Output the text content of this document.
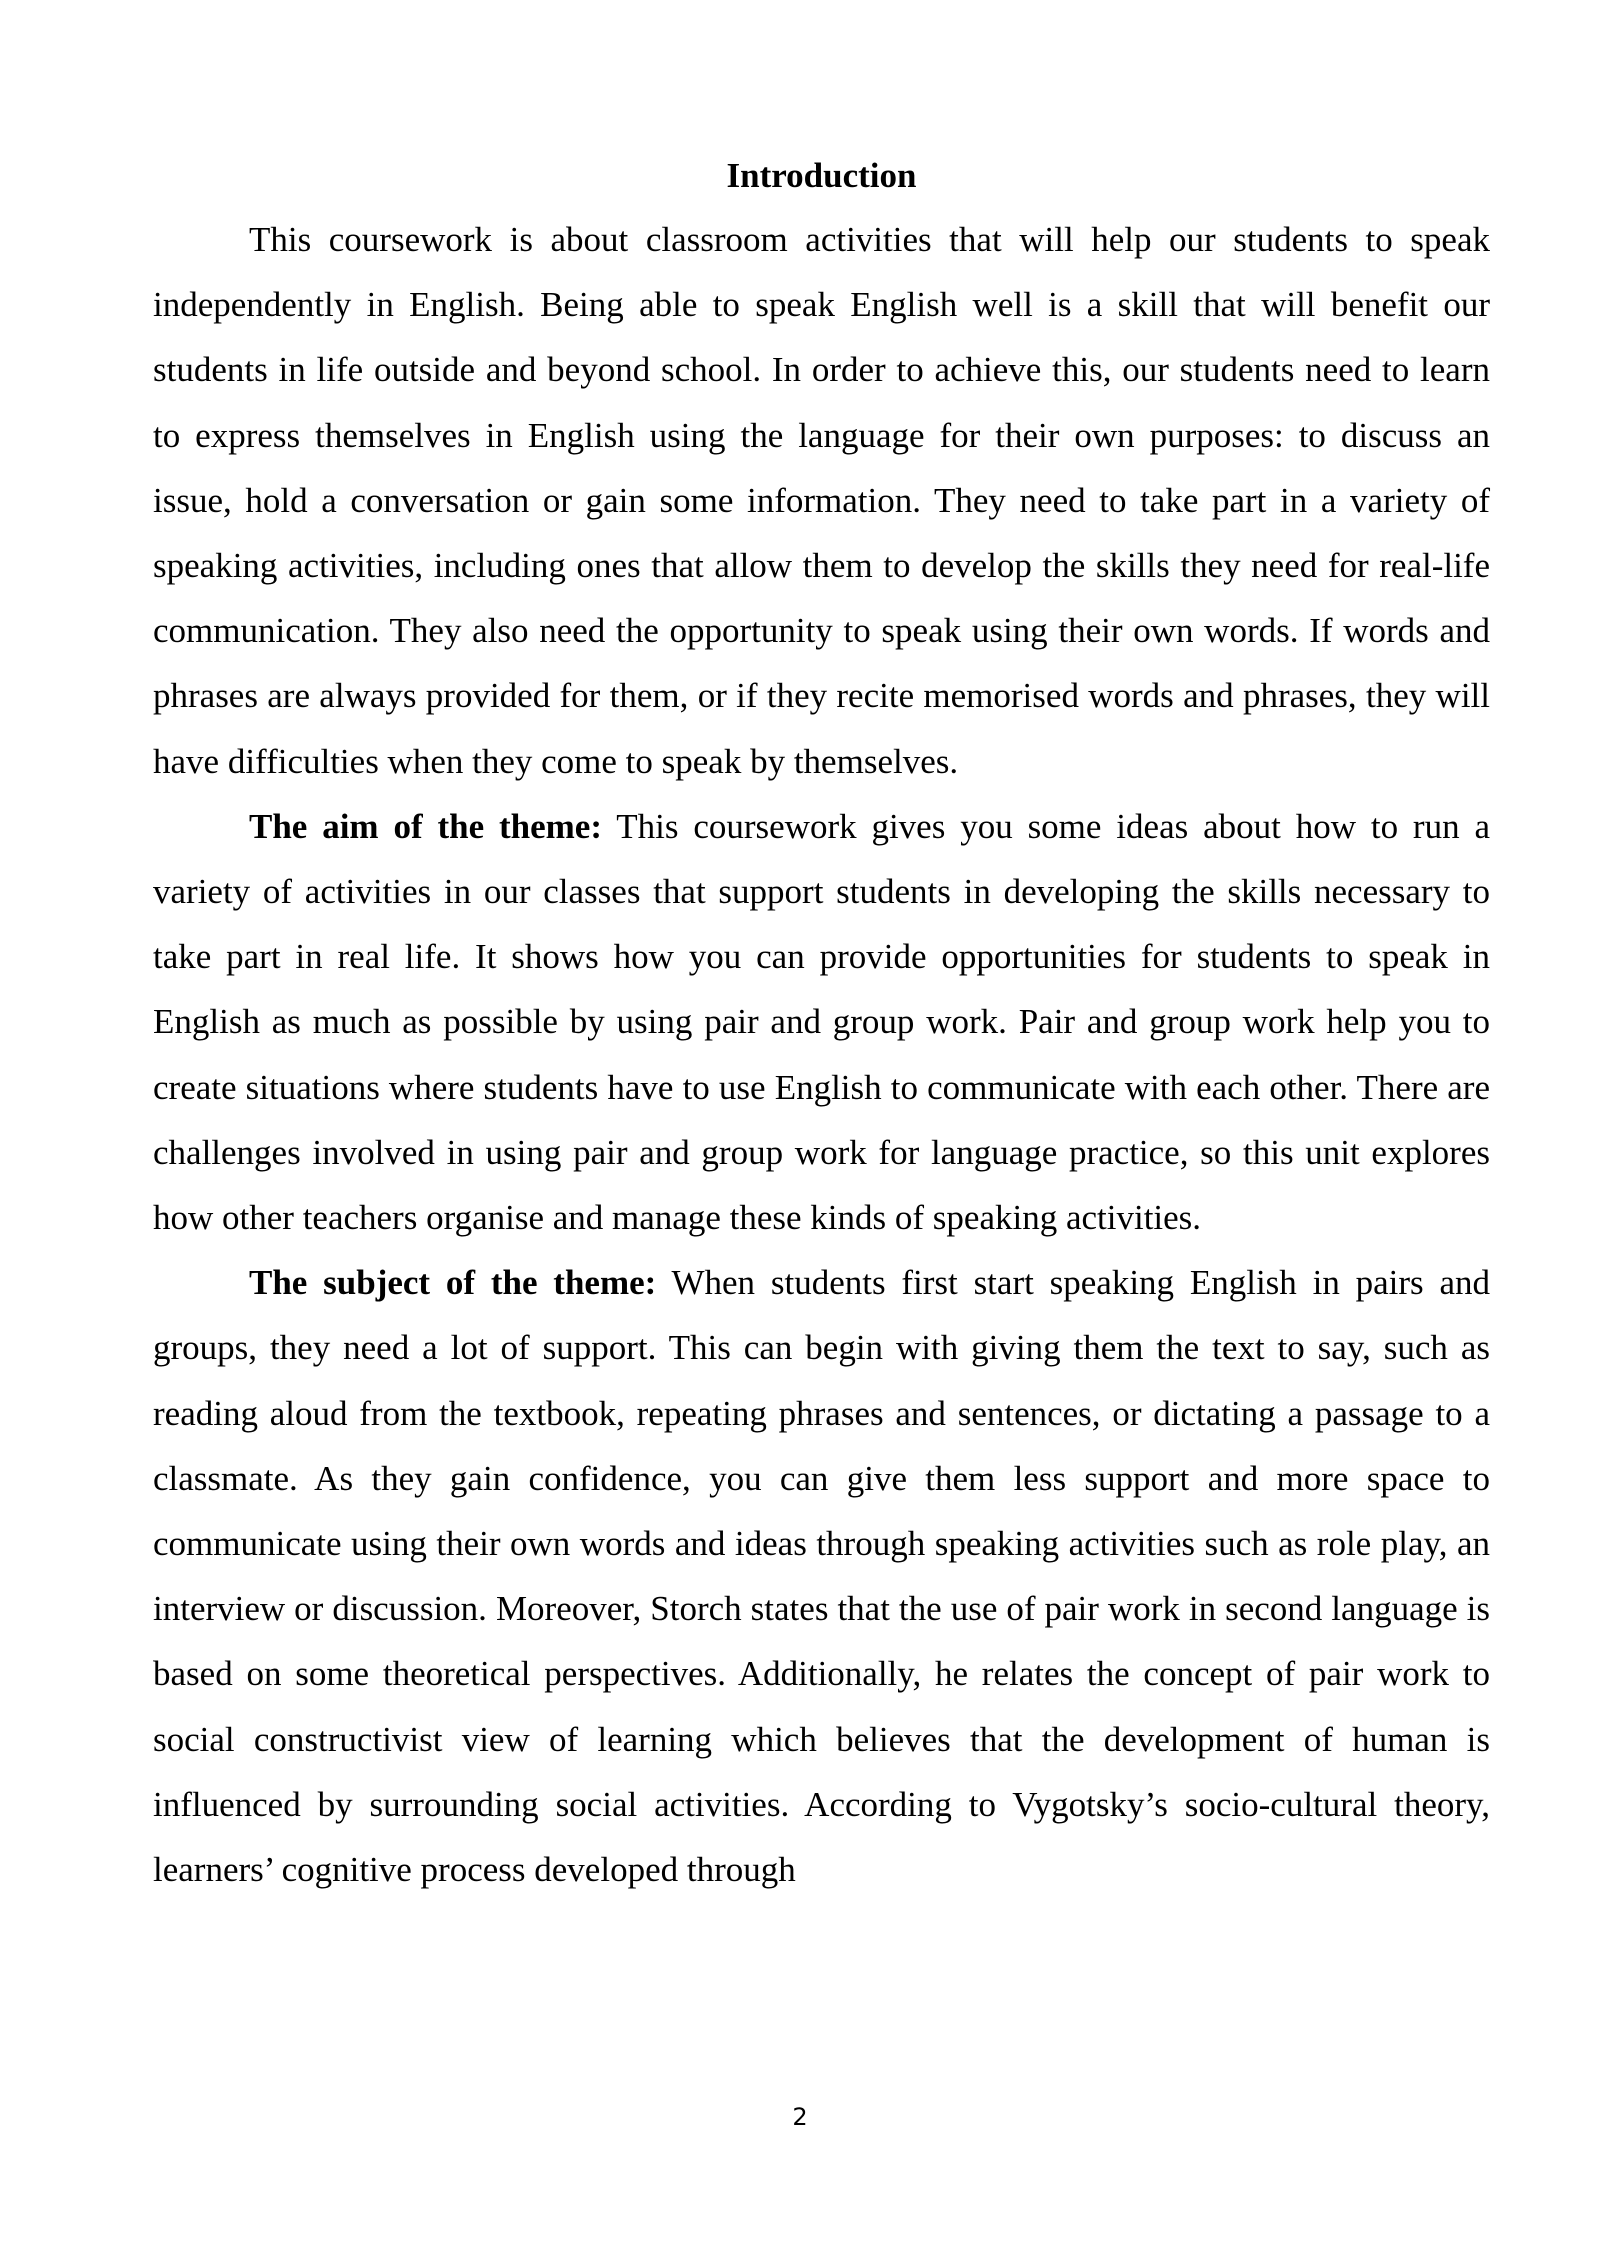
Introduction

This coursework is about classroom activities that will help our students to speak independently in English. Being able to speak English well is a skill that will benefit our students in life outside and beyond school. In order to achieve this, our students need to learn to express themselves in English using the language for their own purposes: to discuss an issue, hold a conversation or gain some information. They need to take part in a variety of speaking activities, including ones that allow them to develop the skills they need for real-life communication. They also need the opportunity to speak using their own words. If words and phrases are always provided for them, or if they recite memorised words and phrases, they will have difficulties when they come to speak by themselves.

The aim of the theme: This coursework gives you some ideas about how to run a variety of activities in our classes that support students in developing the skills necessary to take part in real life. It shows how you can provide opportunities for students to speak in English as much as possible by using pair and group work. Pair and group work help you to create situations where students have to use English to communicate with each other. There are challenges involved in using pair and group work for language practice, so this unit explores how other teachers organise and manage these kinds of speaking activities.

The subject of the theme: When students first start speaking English in pairs and groups, they need a lot of support. This can begin with giving them the text to say, such as reading aloud from the textbook, repeating phrases and sentences, or dictating a passage to a classmate. As they gain confidence, you can give them less support and more space to communicate using their own words and ideas through speaking activities such as role play, an interview or discussion. Moreover, Storch states that the use of pair work in second language is based on some theoretical perspectives. Additionally, he relates the concept of pair work to social constructivist view of learning which believes that the development of human is influenced by surrounding social activities. According to Vygotsky’s socio-cultural theory, learners’ cognitive process developed through

2
